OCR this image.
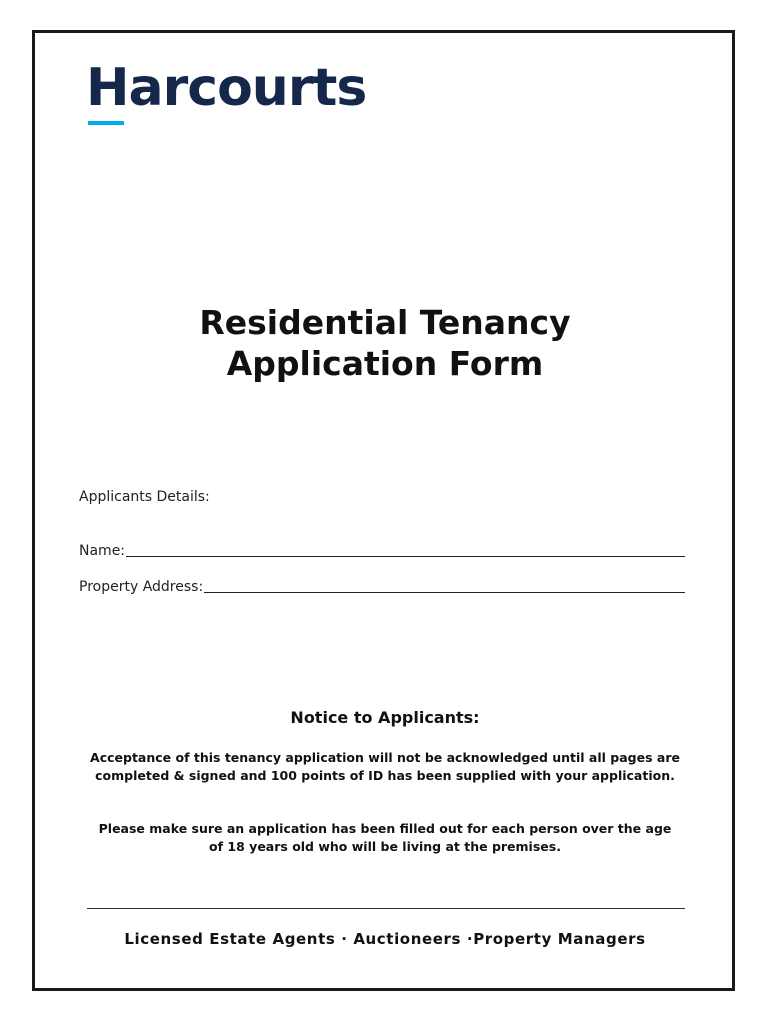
Harcourts
Residential Tenancy
Application Form
Applicants Details:
Name:
Property Address:
Notice to Applicants:
Acceptance of this tenancy application will not be acknowledged until all pages are completed & signed and 100 points of ID has been supplied with your application.
Please make sure an application has been filled out for each person over the age of 18 years old who will be living at the premises.
Licensed Estate Agents · Auctioneers ·Property Managers
